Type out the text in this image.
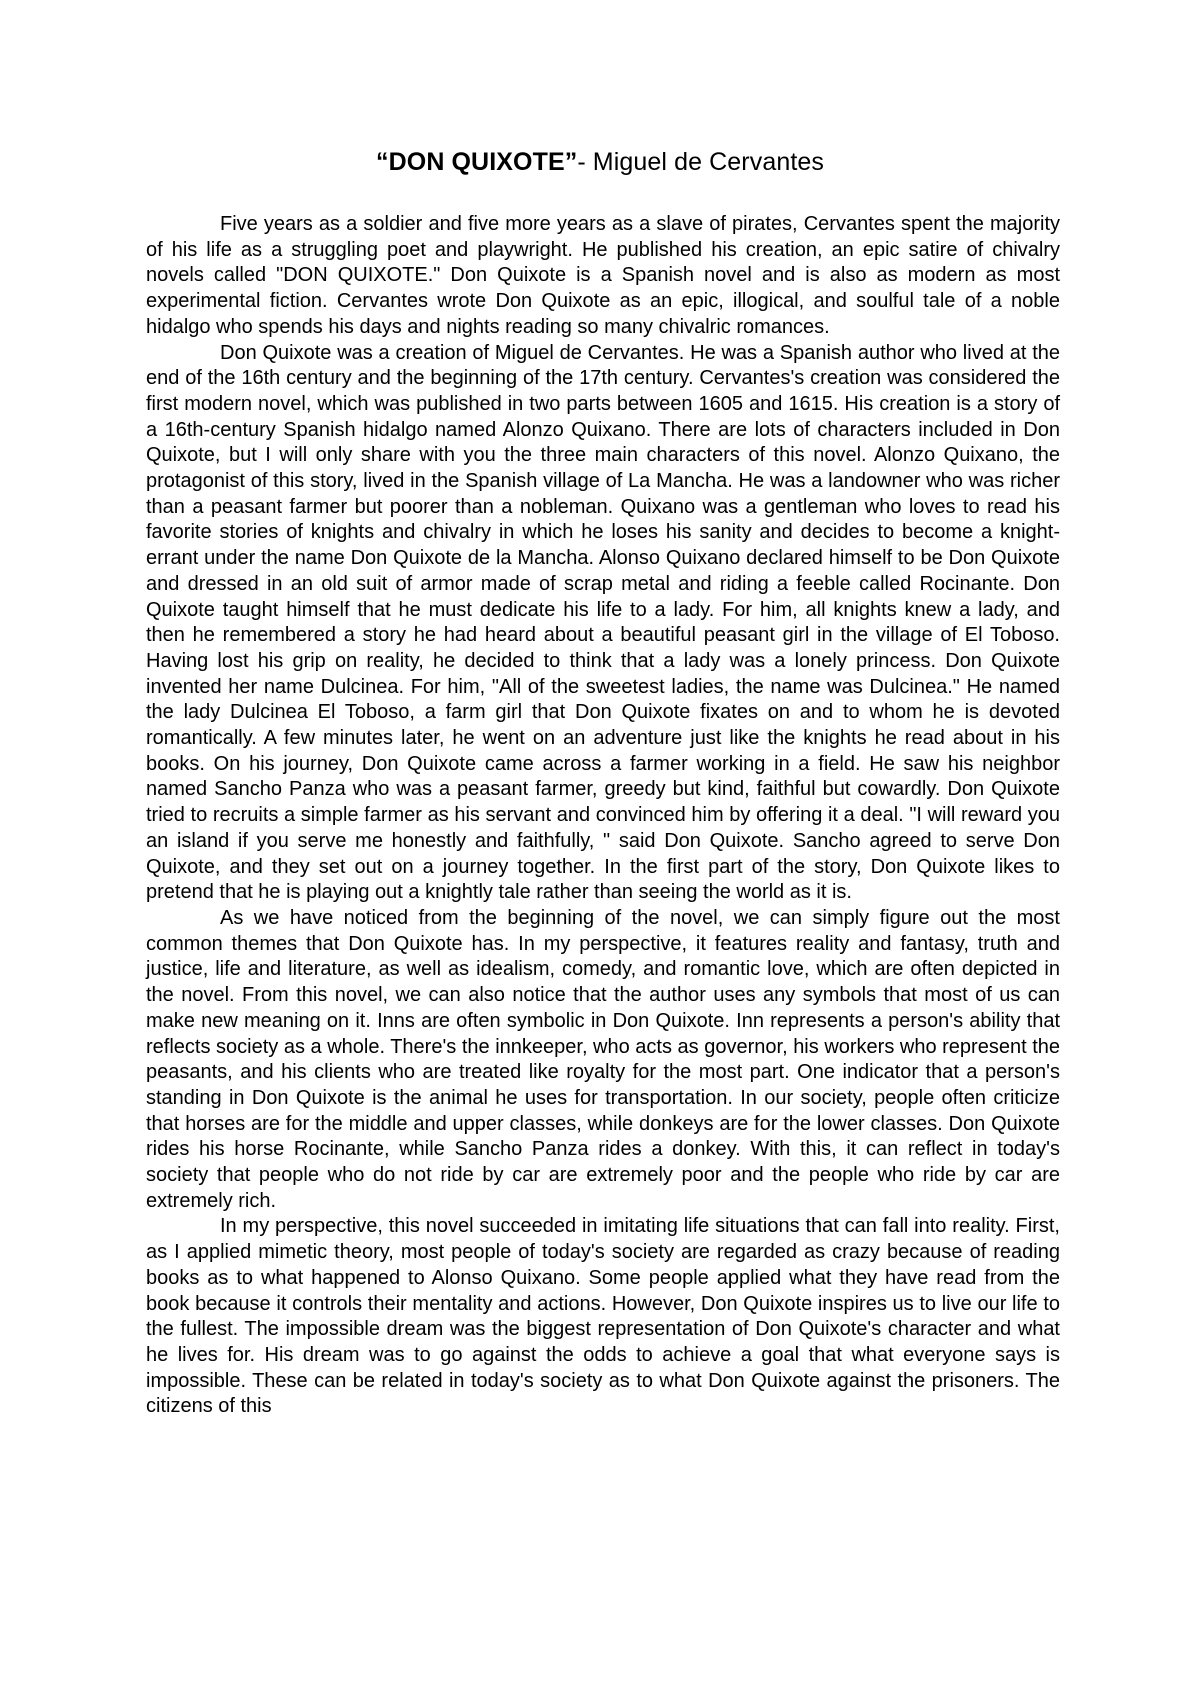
“DON QUIXOTE”- Miguel de Cervantes

Five years as a soldier and five more years as a slave of pirates, Cervantes spent the majority of his life as a struggling poet and playwright. He published his creation, an epic satire of chivalry novels called "DON QUIXOTE." Don Quixote is a Spanish novel and is also as modern as most experimental fiction. Cervantes wrote Don Quixote as an epic, illogical, and soulful tale of a noble hidalgo who spends his days and nights reading so many chivalric romances.

Don Quixote was a creation of Miguel de Cervantes. He was a Spanish author who lived at the end of the 16th century and the beginning of the 17th century. Cervantes's creation was considered the first modern novel, which was published in two parts between 1605 and 1615. His creation is a story of a 16th-century Spanish hidalgo named Alonzo Quixano. There are lots of characters included in Don Quixote, but I will only share with you the three main characters of this novel. Alonzo Quixano, the protagonist of this story, lived in the Spanish village of La Mancha. He was a landowner who was richer than a peasant farmer but poorer than a nobleman. Quixano was a gentleman who loves to read his favorite stories of knights and chivalry in which he loses his sanity and decides to become a knight-errant under the name Don Quixote de la Mancha. Alonso Quixano declared himself to be Don Quixote and dressed in an old suit of armor made of scrap metal and riding a feeble called Rocinante. Don Quixote taught himself that he must dedicate his life to a lady. For him, all knights knew a lady, and then he remembered a story he had heard about a beautiful peasant girl in the village of El Toboso. Having lost his grip on reality, he decided to think that a lady was a lonely princess. Don Quixote invented her name Dulcinea. For him, "All of the sweetest ladies, the name was Dulcinea." He named the lady Dulcinea El Toboso, a farm girl that Don Quixote fixates on and to whom he is devoted romantically. A few minutes later, he went on an adventure just like the knights he read about in his books. On his journey, Don Quixote came across a farmer working in a field. He saw his neighbor named Sancho Panza who was a peasant farmer, greedy but kind, faithful but cowardly. Don Quixote tried to recruits a simple farmer as his servant and convinced him by offering it a deal. "I will reward you an island if you serve me honestly and faithfully, " said Don Quixote. Sancho agreed to serve Don Quixote, and they set out on a journey together. In the first part of the story, Don Quixote likes to pretend that he is playing out a knightly tale rather than seeing the world as it is.

As we have noticed from the beginning of the novel, we can simply figure out the most common themes that Don Quixote has. In my perspective, it features reality and fantasy, truth and justice, life and literature, as well as idealism, comedy, and romantic love, which are often depicted in the novel. From this novel, we can also notice that the author uses any symbols that most of us can make new meaning on it. Inns are often symbolic in Don Quixote. Inn represents a person's ability that reflects society as a whole. There's the innkeeper, who acts as governor, his workers who represent the peasants, and his clients who are treated like royalty for the most part. One indicator that a person's standing in Don Quixote is the animal he uses for transportation. In our society, people often criticize that horses are for the middle and upper classes, while donkeys are for the lower classes. Don Quixote rides his horse Rocinante, while Sancho Panza rides a donkey. With this, it can reflect in today's society that people who do not ride by car are extremely poor and the people who ride by car are extremely rich.

In my perspective, this novel succeeded in imitating life situations that can fall into reality. First, as I applied mimetic theory, most people of today's society are regarded as crazy because of reading books as to what happened to Alonso Quixano. Some people applied what they have read from the book because it controls their mentality and actions. However, Don Quixote inspires us to live our life to the fullest. The impossible dream was the biggest representation of Don Quixote's character and what he lives for. His dream was to go against the odds to achieve a goal that what everyone says is impossible. These can be related in today's society as to what Don Quixote against the prisoners. The citizens of this
